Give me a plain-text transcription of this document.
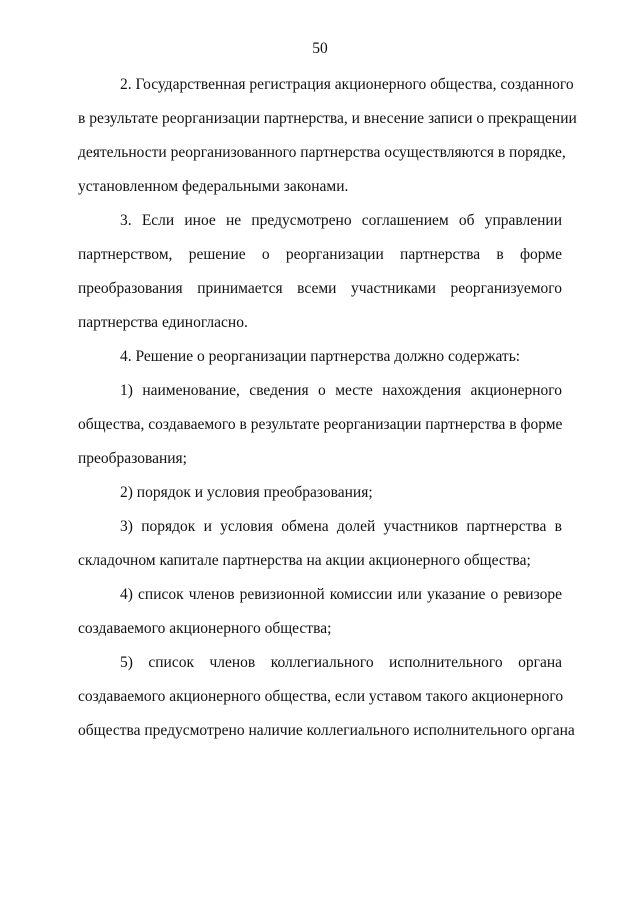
50
2. Государственная регистрация акционерного общества, созданного
в результате реорганизации партнерства, и внесение записи о прекращении
деятельности реорганизованного партнерства осуществляются в порядке,
установленном федеральными законами.
3. Если иное не предусмотрено соглашением об управлении
партнерством, решение о реорганизации партнерства в форме
преобразования принимается всеми участниками реорганизуемого
партнерства единогласно.
4. Решение о реорганизации партнерства должно содержать:
1) наименование, сведения о месте нахождения акционерного
общества, создаваемого в результате реорганизации партнерства в форме
преобразования;
2) порядок и условия преобразования;
3) порядок и условия обмена долей участников партнерства в
складочном капитале партнерства на акции акционерного общества;
4) список членов ревизионной комиссии или указание о ревизоре
создаваемого акционерного общества;
5) список членов коллегиального исполнительного органа
создаваемого акционерного общества, если уставом такого акционерного
общества предусмотрено наличие коллегиального исполнительного органа
